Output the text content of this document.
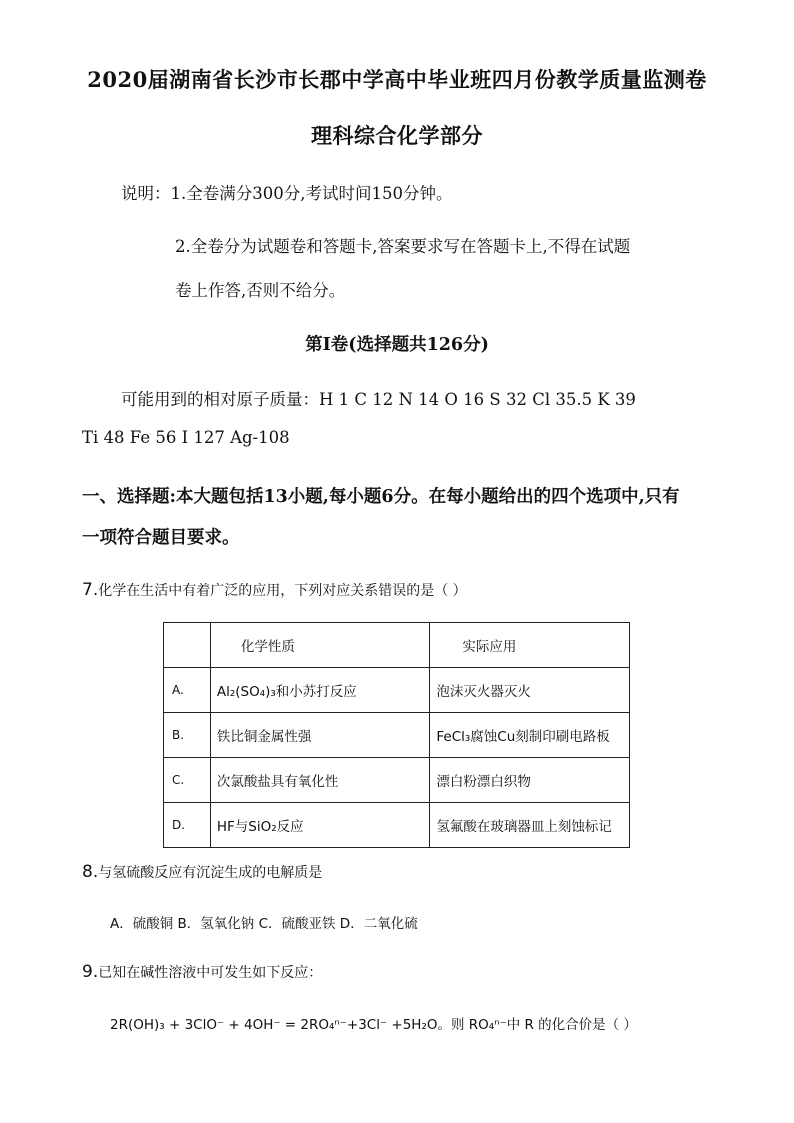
2020届湖南省长沙市长郡中学高中毕业班四月份教学质量监测卷
理科综合化学部分
说明：1.全卷满分300分,考试时间150分钟。
2.全卷分为试题卷和答题卡,答案要求写在答题卡上,不得在试题
卷上作答,否则不给分。
第Ⅰ卷(选择题共126分)
可能用到的相对原子质量：H 1 C 12 N 14 O 16 S 32 Cl 35.5 K 39
Ti 48 Fe 56 I 127 Ag-108
一、选择题:本大题包括13小题,每小题6分。在每小题给出的四个选项中,只有
一项符合题目要求。
7.化学在生活中有着广泛的应用，下列对应关系错误的是（ ）
	化学性质	实际应用
A.	Al₂(SO₄)₃和小苏打反应	泡沫灭火器灭火
B.	铁比铜金属性强	FeCl₃腐蚀Cu刻制印刷电路板
C.	次氯酸盐具有氧化性	漂白粉漂白织物
D.	HF与SiO₂反应	氢氟酸在玻璃器皿上刻蚀标记
8.与氢硫酸反应有沉淀生成的电解质是
A．硫酸铜 B．氢氧化钠 C．硫酸亚铁 D．二氧化硫
9.已知在碱性溶液中可发生如下反应：
2R(OH)₃ + 3ClO⁻ + 4OH⁻ = 2RO₄ⁿ⁻+3Cl⁻ +5H₂O。则 RO₄ⁿ⁻中 R 的化合价是（ ）
